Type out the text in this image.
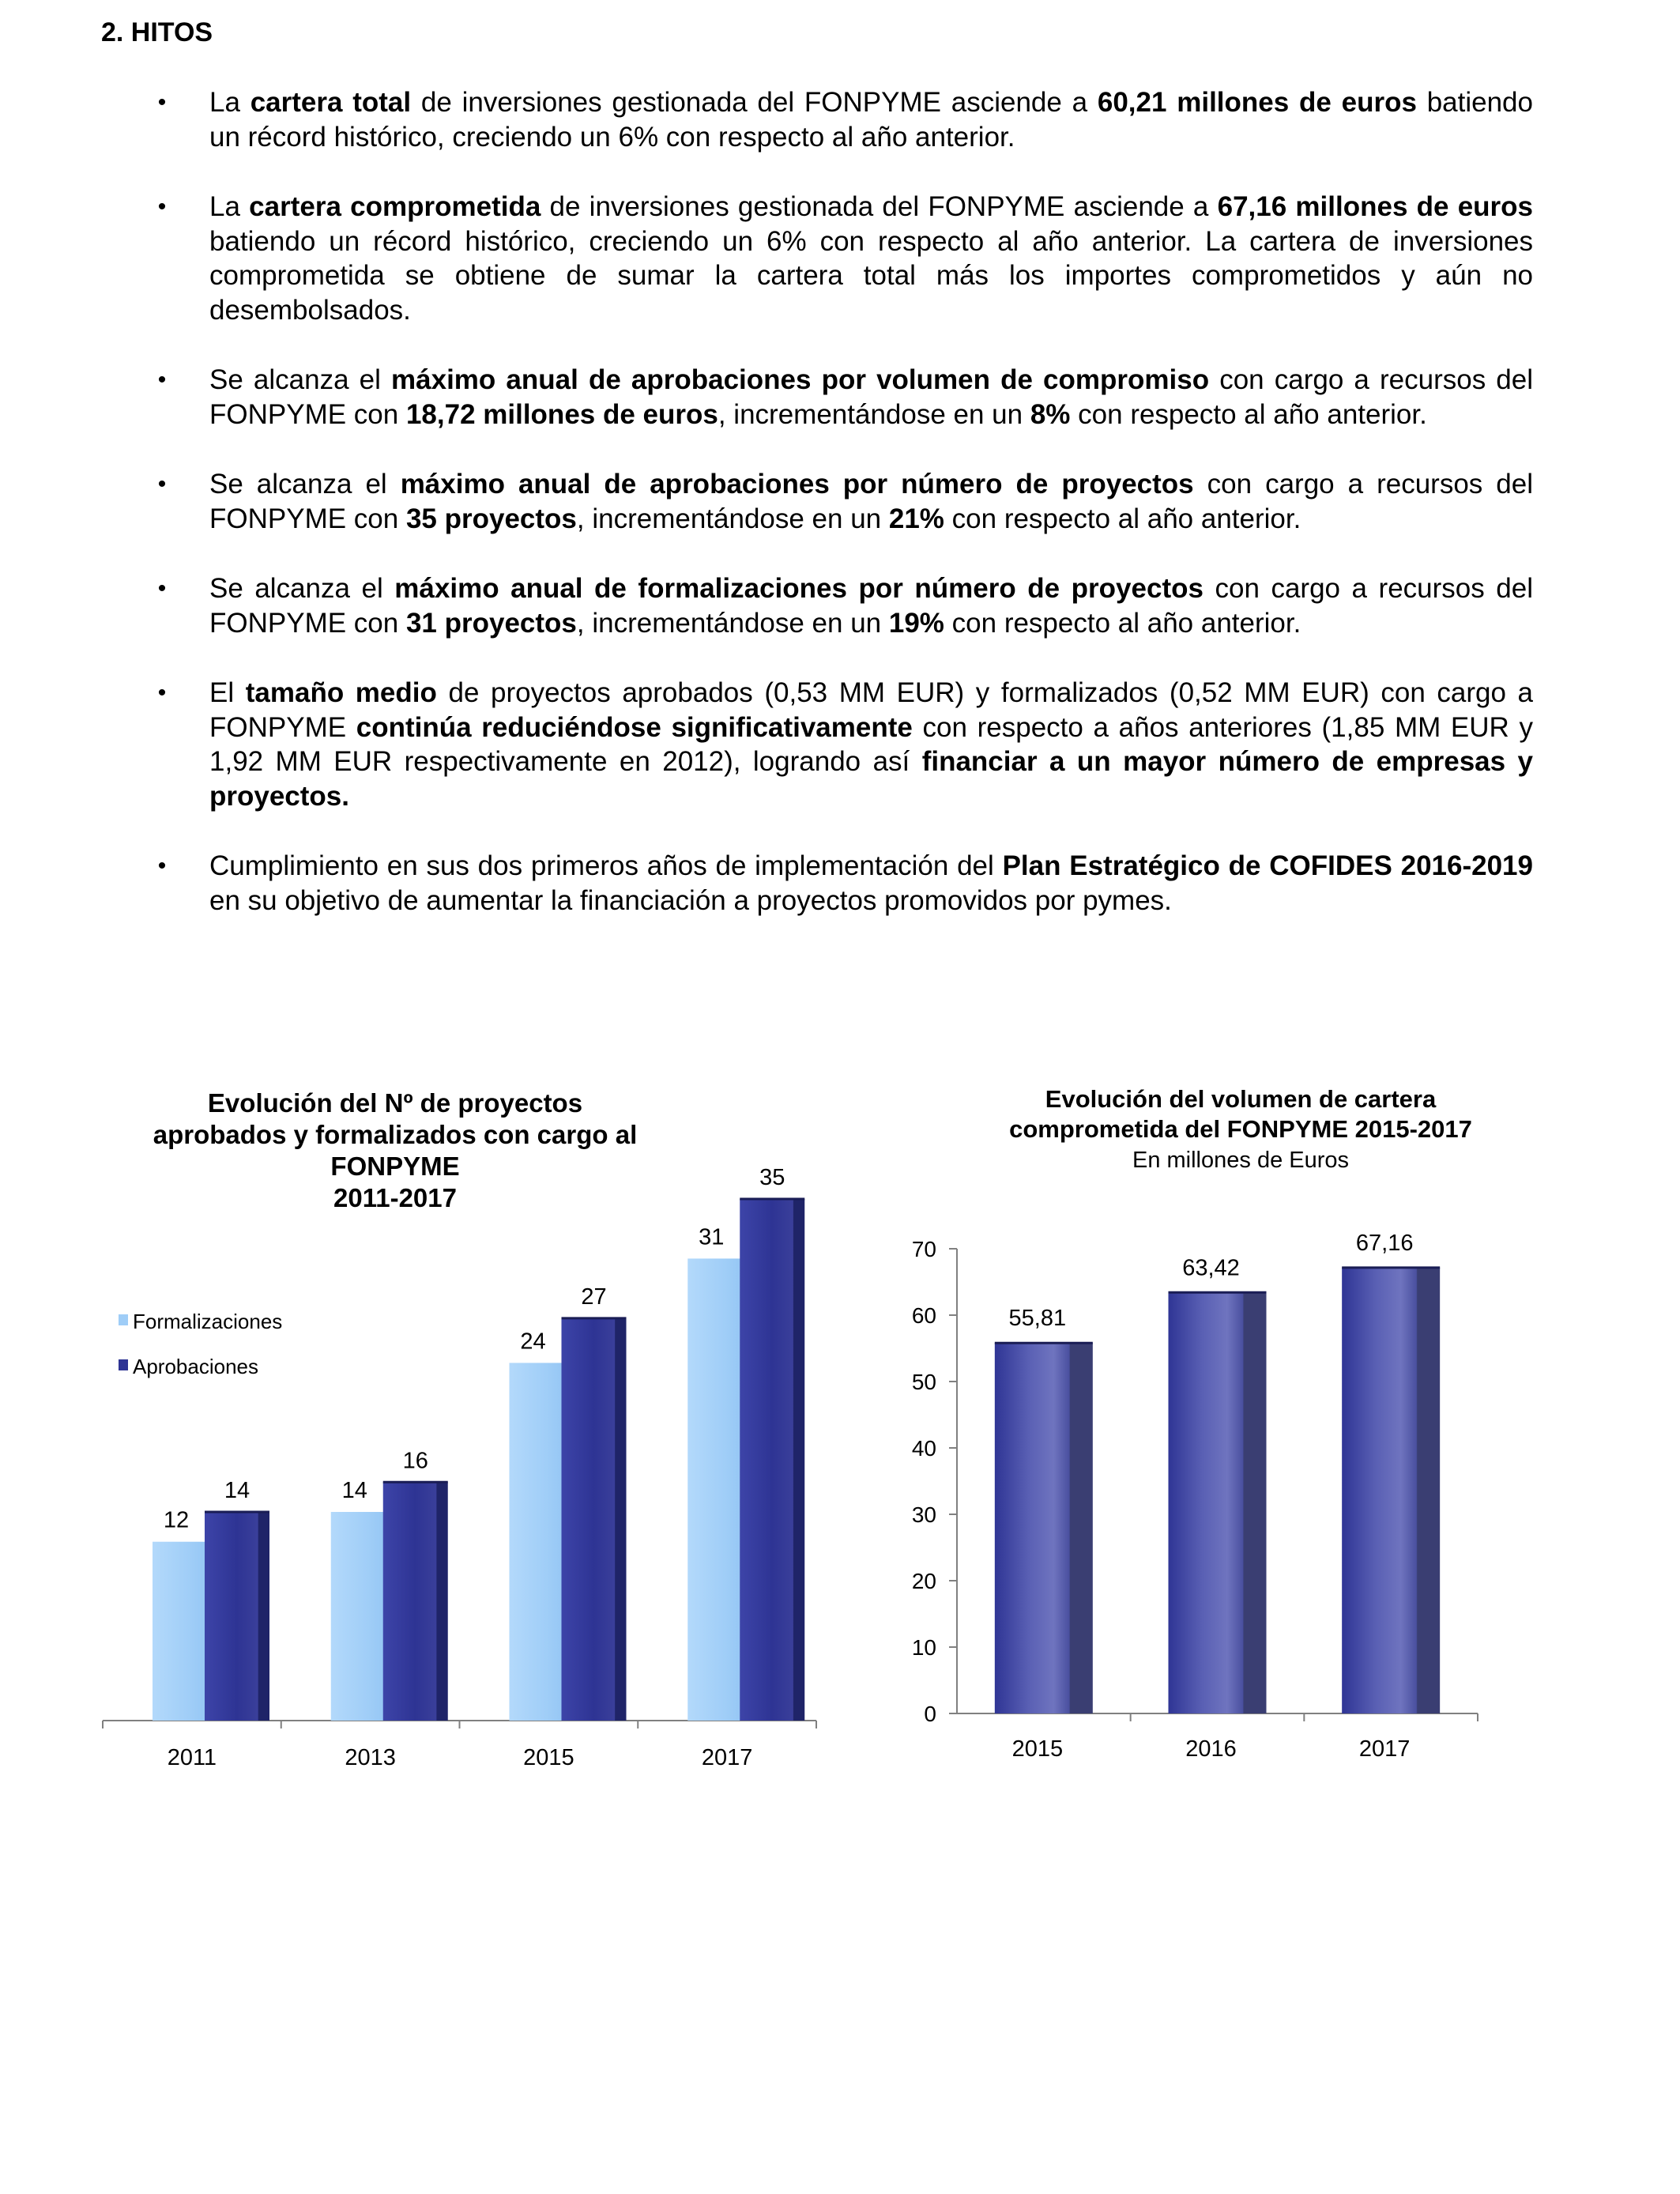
2. HITOS
• La cartera total de inversiones gestionada del FONPYME asciende a 60,21 millones de euros batiendo un récord histórico, creciendo un 6% con respecto al año anterior.
• La cartera comprometida de inversiones gestionada del FONPYME asciende a 67,16 millones de euros batiendo un récord histórico, creciendo un 6% con respecto al año anterior. La cartera de inversiones comprometida se obtiene de sumar la cartera total más los importes comprometidos y aún no desembolsados.
• Se alcanza el máximo anual de aprobaciones por volumen de compromiso con cargo a recursos del FONPYME con 18,72 millones de euros, incrementándose en un 8% con respecto al año anterior.
• Se alcanza el máximo anual de aprobaciones por número de proyectos con cargo a recursos del FONPYME con 35 proyectos, incrementándose en un 21% con respecto al año anterior.
• Se alcanza el máximo anual de formalizaciones por número de proyectos con cargo a recursos del FONPYME con 31 proyectos, incrementándose en un 19% con respecto al año anterior.
• El tamaño medio de proyectos aprobados (0,53 MM EUR) y formalizados (0,52 MM EUR) con cargo a FONPYME continúa reduciéndose significativamente con respecto a años anteriores (1,85 MM EUR y 1,92 MM EUR respectivamente en 2012), logrando así financiar a un mayor número de empresas y proyectos.
• Cumplimiento en sus dos primeros años de implementación del Plan Estratégico de COFIDES 2016-2019 en su objetivo de aumentar la financiación a proyectos promovidos por pymes.
Evolución del Nº de proyectos
aprobados y formalizados con cargo al
FONPYME
2011-2017
12
14
2011
14
16
2013
24
27
2015
31
35
2017
Formalizaciones
Aprobaciones
Evolución del volumen de cartera
comprometida del FONPYME 2015-2017
En millones de Euros
0
10
20
30
40
50
60
70
55,81
2015
63,42
2016
67,16
2017
